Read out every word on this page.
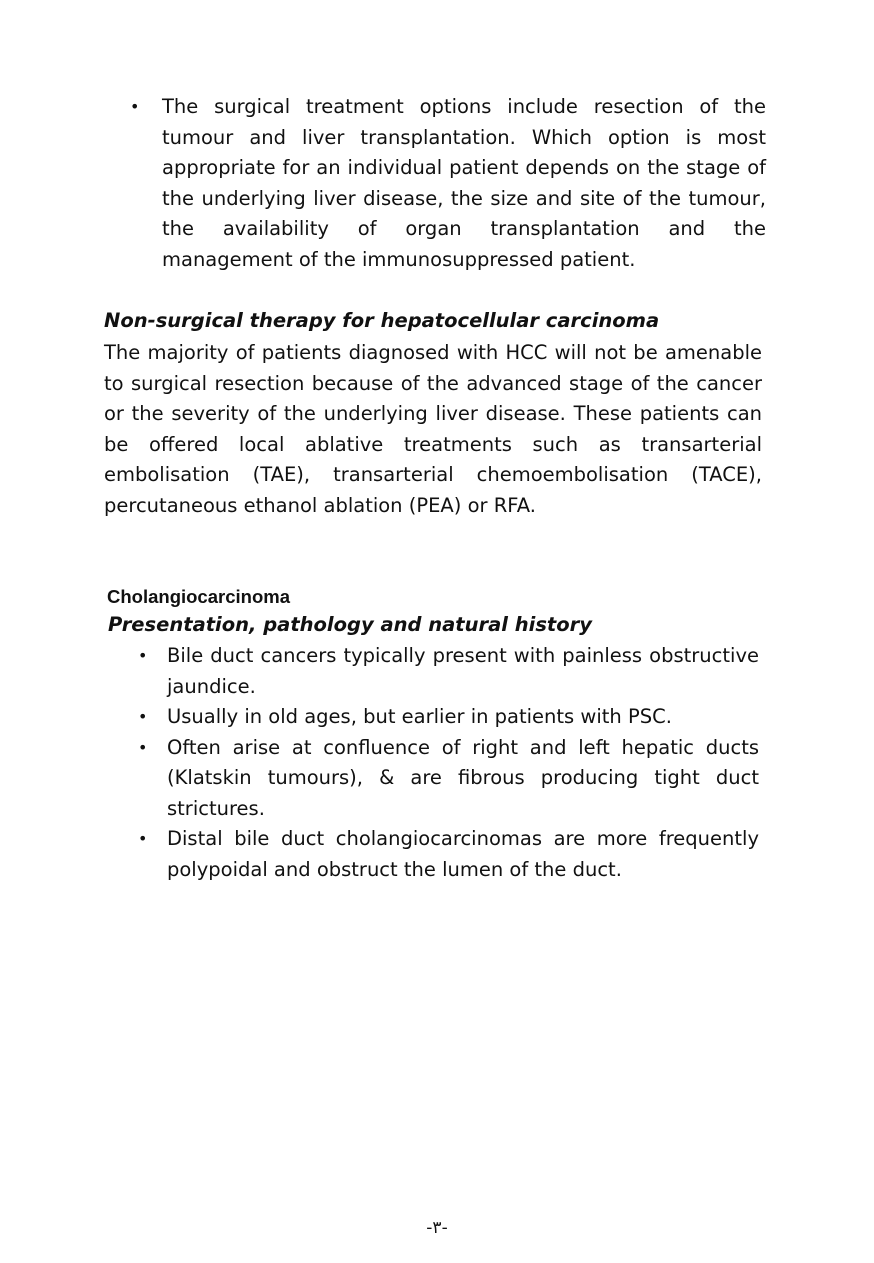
• The surgical treatment options include resection of the tumour and liver transplantation. Which option is most appropriate for an individual patient depends on the stage of the underlying liver disease, the size and site of the tumour, the availability of organ transplantation and the management of the immunosuppressed patient.
Non-surgical therapy for hepatocellular carcinoma
The majority of patients diagnosed with HCC will not be amenable to surgical resection because of the advanced stage of the cancer or the severity of the underlying liver disease. These patients can be offered local ablative treatments such as transarterial embolisation (TAE), transarterial chemoembolisation (TACE), percutaneous ethanol ablation (PEA) or RFA.
Cholangiocarcinoma
Presentation, pathology and natural history
• Bile duct cancers typically present with painless obstructive jaundice.
• Usually in old ages, but earlier in patients with PSC.
• Often arise at confluence of right and left hepatic ducts (Klatskin tumours), & are fibrous producing tight duct strictures.
• Distal bile duct cholangiocarcinomas are more frequently polypoidal and obstruct the lumen of the duct.
-٣-
